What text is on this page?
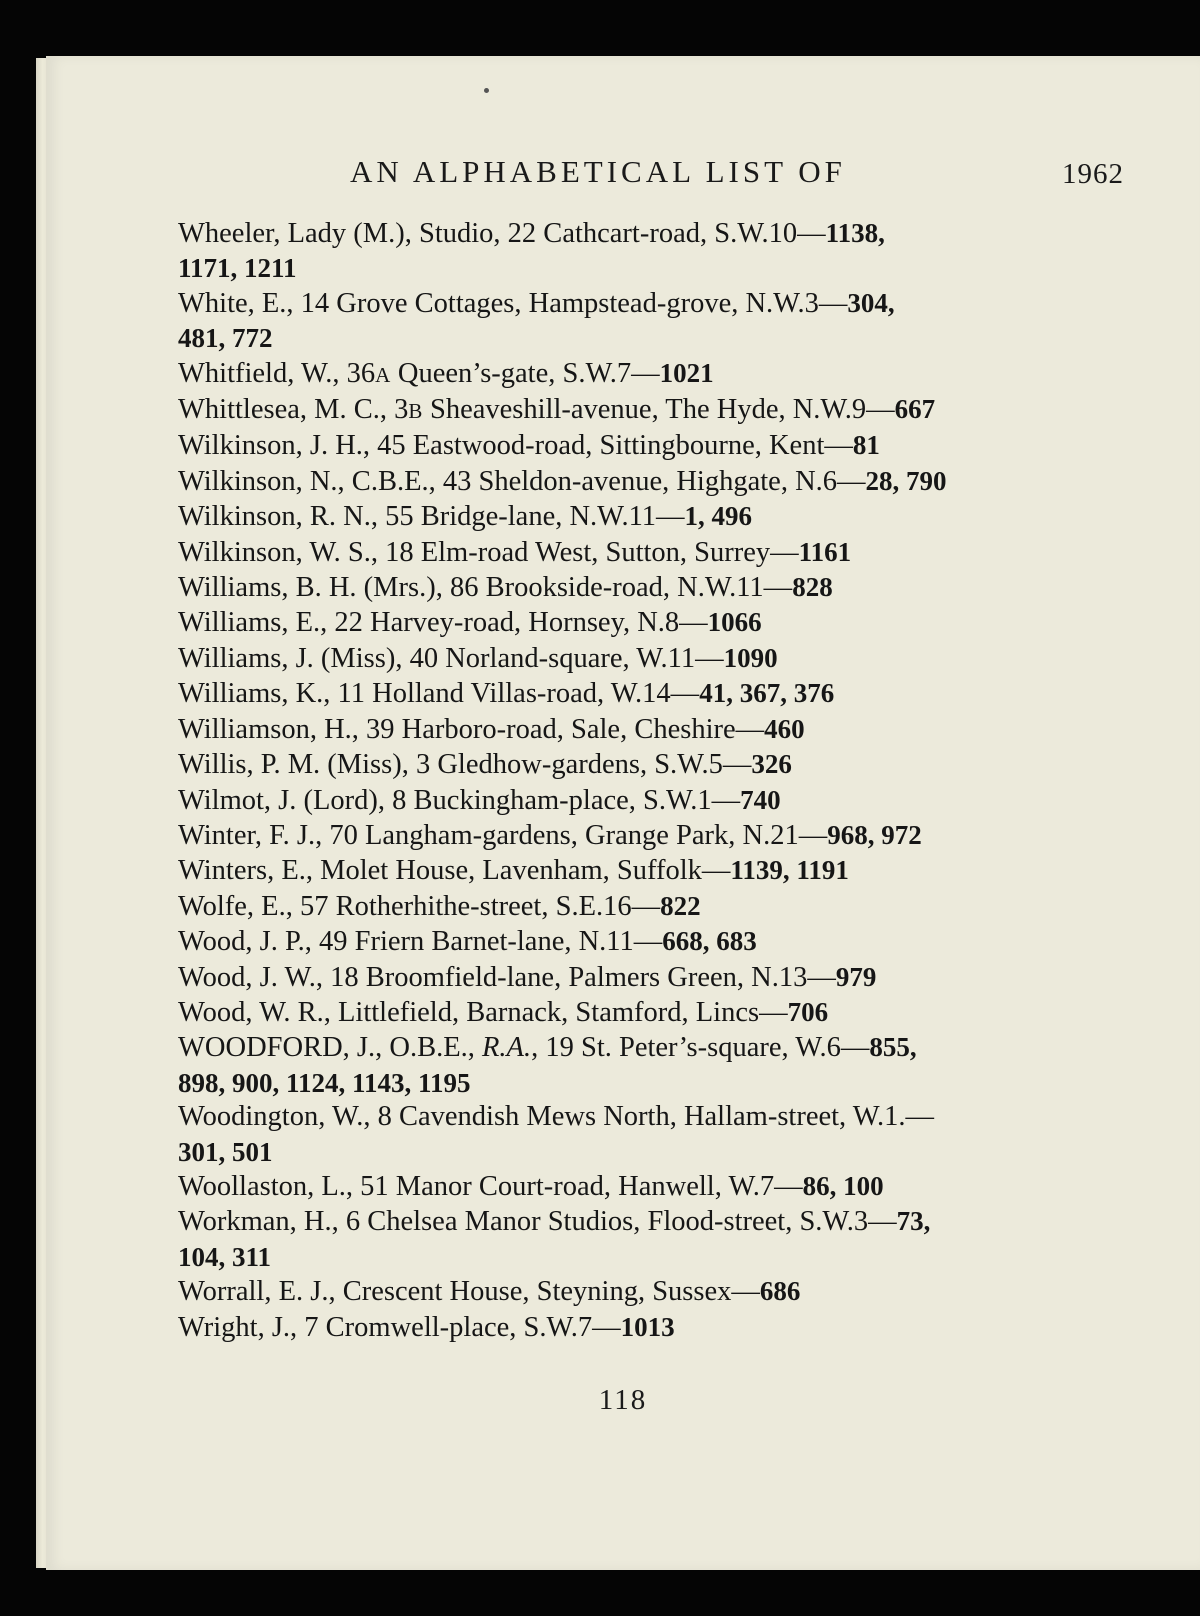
AN ALPHABETICAL LIST OF	1962

Wheeler, Lady (M.), Studio, 22 Cathcart-road, S.W.10—1138,
1171, 1211

White, E., 14 Grove Cottages, Hampstead-grove, N.W.3—304,
481, 772

Whitfield, W., 36A Queen’s-gate, S.W.7—1021

Whittlesea, M. C., 3B Sheaveshill-avenue, The Hyde, N.W.9—667

Wilkinson, J. H., 45 Eastwood-road, Sittingbourne, Kent—81

Wilkinson, N., C.B.E., 43 Sheldon-avenue, Highgate, N.6—28, 790

Wilkinson, R. N., 55 Bridge-lane, N.W.11—1, 496

Wilkinson, W. S., 18 Elm-road West, Sutton, Surrey—1161

Williams, B. H. (Mrs.), 86 Brookside-road, N.W.11—828

Williams, E., 22 Harvey-road, Hornsey, N.8—1066

Williams, J. (Miss), 40 Norland-square, W.11—1090

Williams, K., 11 Holland Villas-road, W.14—41, 367, 376

Williamson, H., 39 Harboro-road, Sale, Cheshire—460

Willis, P. M. (Miss), 3 Gledhow-gardens, S.W.5—326

Wilmot, J. (Lord), 8 Buckingham-place, S.W.1—740

Winter, F. J., 70 Langham-gardens, Grange Park, N.21—968, 972

Winters, E., Molet House, Lavenham, Suffolk—1139, 1191

Wolfe, E., 57 Rotherhithe-street, S.E.16—822

Wood, J. P., 49 Friern Barnet-lane, N.11—668, 683

Wood, J. W., 18 Broomfield-lane, Palmers Green, N.13—979

Wood, W. R., Littlefield, Barnack, Stamford, Lincs—706

WOODFORD, J., O.B.E., R.A., 19 St. Peter’s-square, W.6—855,
898, 900, 1124, 1143, 1195

Woodington, W., 8 Cavendish Mews North, Hallam-street, W.1.—
301, 501

Woollaston, L., 51 Manor Court-road, Hanwell, W.7—86, 100

Workman, H., 6 Chelsea Manor Studios, Flood-street, S.W.3—73,
104, 311

Worrall, E. J., Crescent House, Steyning, Sussex—686

Wright, J., 7 Cromwell-place, S.W.7—1013

118
